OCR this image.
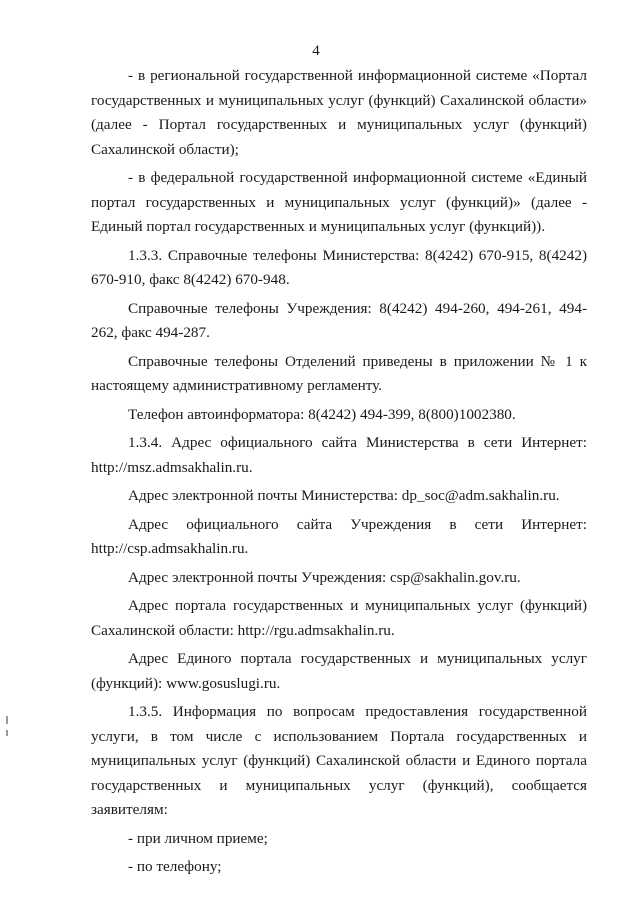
4

- в региональной государственной информационной системе «Портал государственных и муниципальных услуг (функций) Сахалинской области» (далее - Портал государственных и муниципальных услуг (функций) Сахалинской области);

- в федеральной государственной информационной системе «Единый портал государственных и муниципальных услуг (функций)» (далее - Единый портал государственных и муниципальных услуг (функций)).

1.3.3. Справочные телефоны Министерства: 8(4242) 670-915, 8(4242) 670-910, факс 8(4242) 670-948.

Справочные телефоны Учреждения: 8(4242) 494-260, 494-261, 494-262, факс 494-287.

Справочные телефоны Отделений приведены в приложении № 1 к настоящему административному регламенту.

Телефон автоинформатора: 8(4242) 494-399, 8(800)1002380.

1.3.4. Адрес официального сайта Министерства в сети Интернет: http://msz.admsakhalin.ru.

Адрес электронной почты Министерства: dp_soc@adm.sakhalin.ru.

Адрес официального сайта Учреждения в сети Интернет: http://csp.admsakhalin.ru.

Адрес электронной почты Учреждения: csp@sakhalin.gov.ru.

Адрес портала государственных и муниципальных услуг (функций) Сахалинской области: http://rgu.admsakhalin.ru.

Адрес Единого портала государственных и муниципальных услуг (функций): www.gosuslugi.ru.

1.3.5. Информация по вопросам предоставления государственной услуги, в том числе с использованием Портала государственных и муниципальных услуг (функций) Сахалинской области и Единого портала государственных и муниципальных услуг (функций), сообщается заявителям:

- при личном приеме;

- по телефону;
